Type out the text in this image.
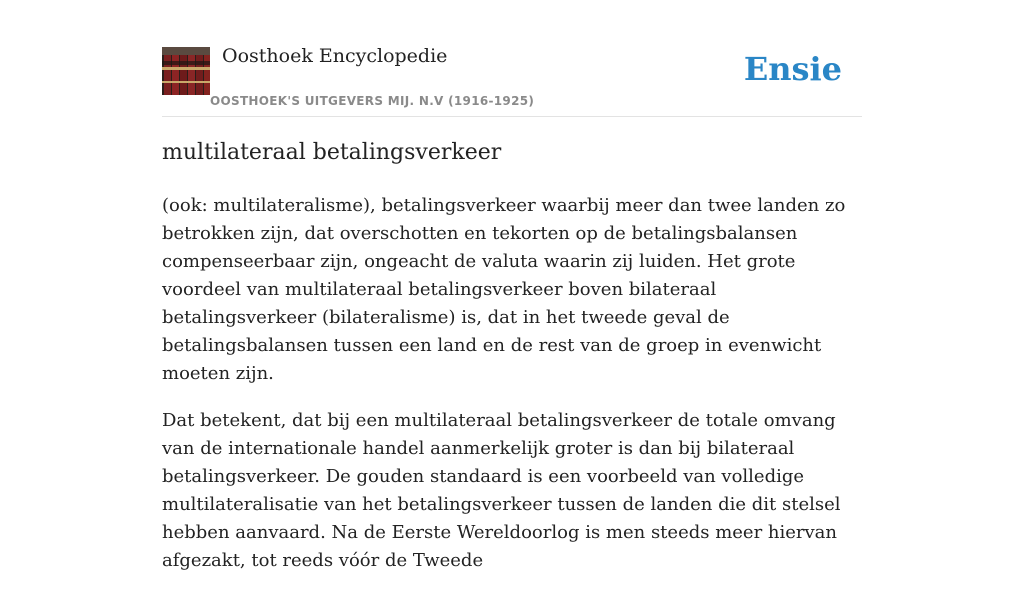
Oosthoek Encyclopedie
OOSTHOEK'S UITGEVERS MIJ. N.V (1916-1925)
Ensie
multilateraal betalingsverkeer

(ook: multilateralisme), betalingsverkeer waarbij meer dan twee landen zo betrokken zijn, dat overschotten en tekorten op de betalingsbalansen compenseerbaar zijn, ongeacht de valuta waarin zij luiden. Het grote voordeel van multilateraal betalingsverkeer boven bilateraal betalingsverkeer (bilateralisme) is, dat in het tweede geval de betalingsbalansen tussen een land en de rest van de groep in evenwicht moeten zijn.

Dat betekent, dat bij een multilateraal betalingsverkeer de totale omvang van de internationale handel aanmerkelijk groter is dan bij bilateraal betalingsverkeer. De gouden standaard is een voorbeeld van volledige multilateralisatie van het betalingsverkeer tussen de landen die dit stelsel hebben aanvaard. Na de Eerste Wereldoorlog is men steeds meer hiervan afgezakt, tot reeds vóór de Tweede
